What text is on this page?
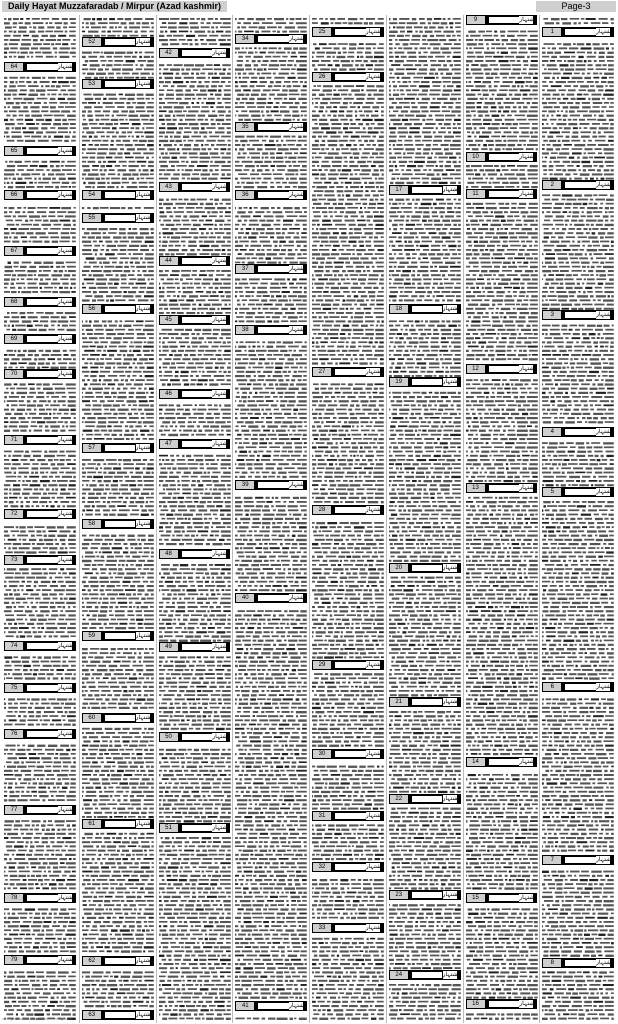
Daily Hayat Muzzafaradab / Mirpur (Azad kashmir)	Page-3
64	اشتہار
65	اشتہار
66	اشتہار
67	اشتہار
68	اشتہار
69	اشتہار
70	اشتہار
71	اشتہار
72	اشتہار
73	اشتہار
74	اشتہار
75	اشتہار
76	اشتہار
77	اشتہار
78	اشتہار
79	اشتہار
52	اشتہار
53	اشتہار
54	اشتہار
55	اشتہار
56	اشتہار
57	اشتہار
58	اشتہار
59	اشتہار
60	اشتہار
61	اشتہار
62	اشتہار
63	اشتہار
42	اشتہار
43	اشتہار
44	اشتہار
45	اشتہار
46	اشتہار
47	اشتہار
48	اشتہار
49	اشتہار
50	اشتہار
51	اشتہار
34	اشتہار
35	اشتہار
36	اشتہار
37	اشتہار
38	اشتہار
39	اشتہار
40	اشتہار
41	اشتہار
25	اشتہار
26	اشتہار
27	اشتہار
28	اشتہار
29	اشتہار
30	اشتہار
31	اشتہار
32	اشتہار
33	اشتہار
17	اشتہار
18	اشتہار
19	اشتہار
20	اشتہار
21	اشتہار
22	اشتہار
23	اشتہار
24	اشتہار
9	اشتہار
10	اشتہار
11	اشتہار
12	اشتہار
13	اشتہار
14	اشتہار
15	اشتہار
16	اشتہار
1	اشتہار
2	اشتہار
3	اشتہار
4	اشتہار
5	اشتہار
6	اشتہار
7	اشتہار
8	اشتہار
